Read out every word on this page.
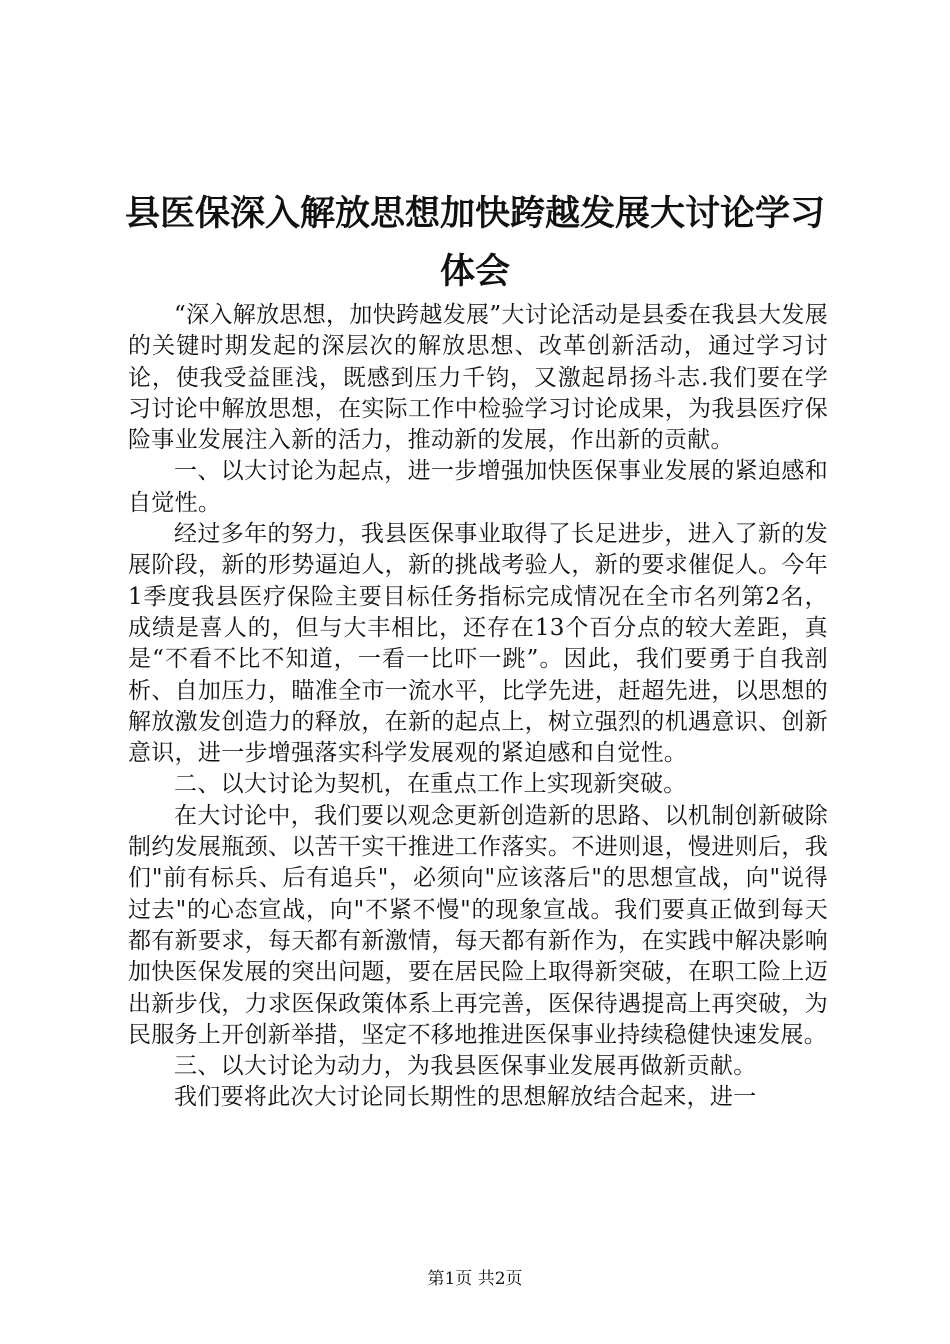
县医保深入解放思想加快跨越发展大讨论学习
体会

“深入解放思想，加快跨越发展”大讨论活动是县委在我县大发展的关键时期发起的深层次的解放思想、改革创新活动，通过学习讨论，使我受益匪浅，既感到压力千钧，又激起昂扬斗志.我们要在学习讨论中解放思想，在实际工作中检验学习讨论成果，为我县医疗保险事业发展注入新的活力，推动新的发展，作出新的贡献。

一、以大讨论为起点，进一步增强加快医保事业发展的紧迫感和自觉性。

经过多年的努力，我县医保事业取得了长足进步，进入了新的发展阶段，新的形势逼迫人，新的挑战考验人，新的要求催促人。今年1季度我县医疗保险主要目标任务指标完成情况在全市名列第2名，成绩是喜人的，但与大丰相比，还存在13个百分点的较大差距，真是“不看不比不知道，一看一比吓一跳”。因此，我们要勇于自我剖析、自加压力，瞄准全市一流水平，比学先进，赶超先进，以思想的解放激发创造力的释放，在新的起点上，树立强烈的机遇意识、创新意识，进一步增强落实科学发展观的紧迫感和自觉性。

二、以大讨论为契机，在重点工作上实现新突破。

在大讨论中，我们要以观念更新创造新的思路、以机制创新破除制约发展瓶颈、以苦干实干推进工作落实。不进则退，慢进则后，我们"前有标兵、后有追兵"，必须向"应该落后"的思想宣战，向"说得过去"的心态宣战，向"不紧不慢"的现象宣战。我们要真正做到每天都有新要求，每天都有新激情，每天都有新作为，在实践中解决影响加快医保发展的突出问题，要在居民险上取得新突破，在职工险上迈出新步伐，力求医保政策体系上再完善，医保待遇提高上再突破，为民服务上开创新举措，坚定不移地推进医保事业持续稳健快速发展。

三、以大讨论为动力，为我县医保事业发展再做新贡献。

我们要将此次大讨论同长期性的思想解放结合起来，进一

第1页 共2页
